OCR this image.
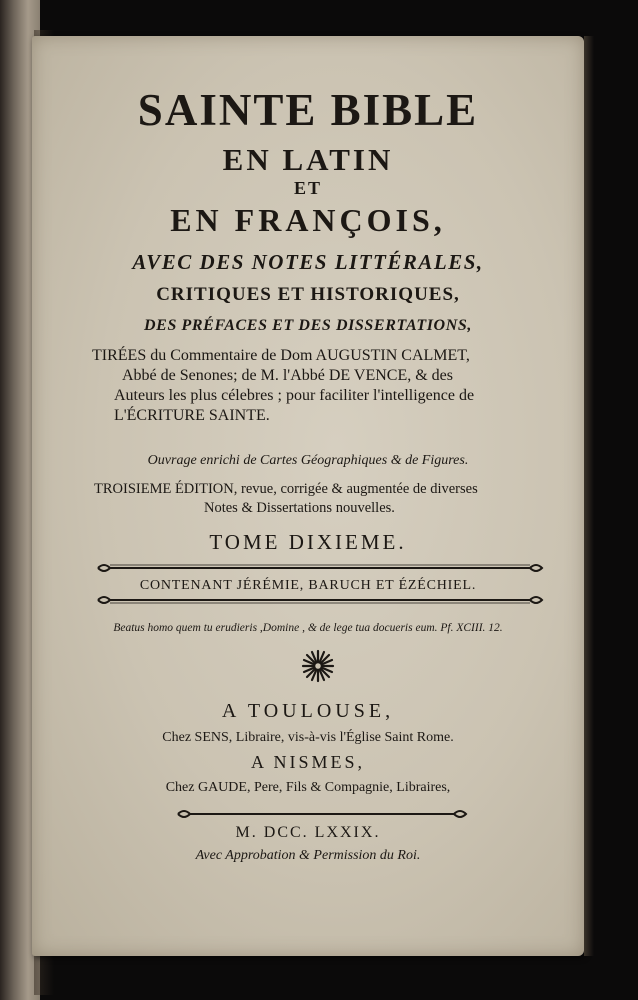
SAINTE BIBLE
EN LATIN
ET
EN FRANÇOIS,
AVEC DES NOTES LITTÉRALES,
CRITIQUES ET HISTORIQUES,
DES PRÉFACES ET DES DISSERTATIONS,
TIRÉES du Commentaire de Dom AUGUSTIN CALMET,
Abbé de Senones; de M. l'Abbé DE VENCE, & des
Auteurs les plus célebres ; pour faciliter l'intelligence de
L'ÉCRITURE SAINTE.
Ouvrage enrichi de Cartes Géographiques & de Figures.
TROISIEME ÉDITION, revue, corrigée & augmentée de diverses
Notes & Dissertations nouvelles.
TOME DIXIEME.
CONTENANT JÉRÉMIE, BARUCH ET ÉZÉCHIEL.
Beatus homo quem tu erudieris ,Domine , & de lege tua docueris eum. Pf. XCIII. 12.
A TOULOUSE,
Chez SENS, Libraire, vis-à-vis l'Église Saint Rome.
A NISMES,
Chez GAUDE, Pere, Fils & Compagnie, Libraires,
M. DCC. LXXIX.
Avec Approbation & Permission du Roi.
